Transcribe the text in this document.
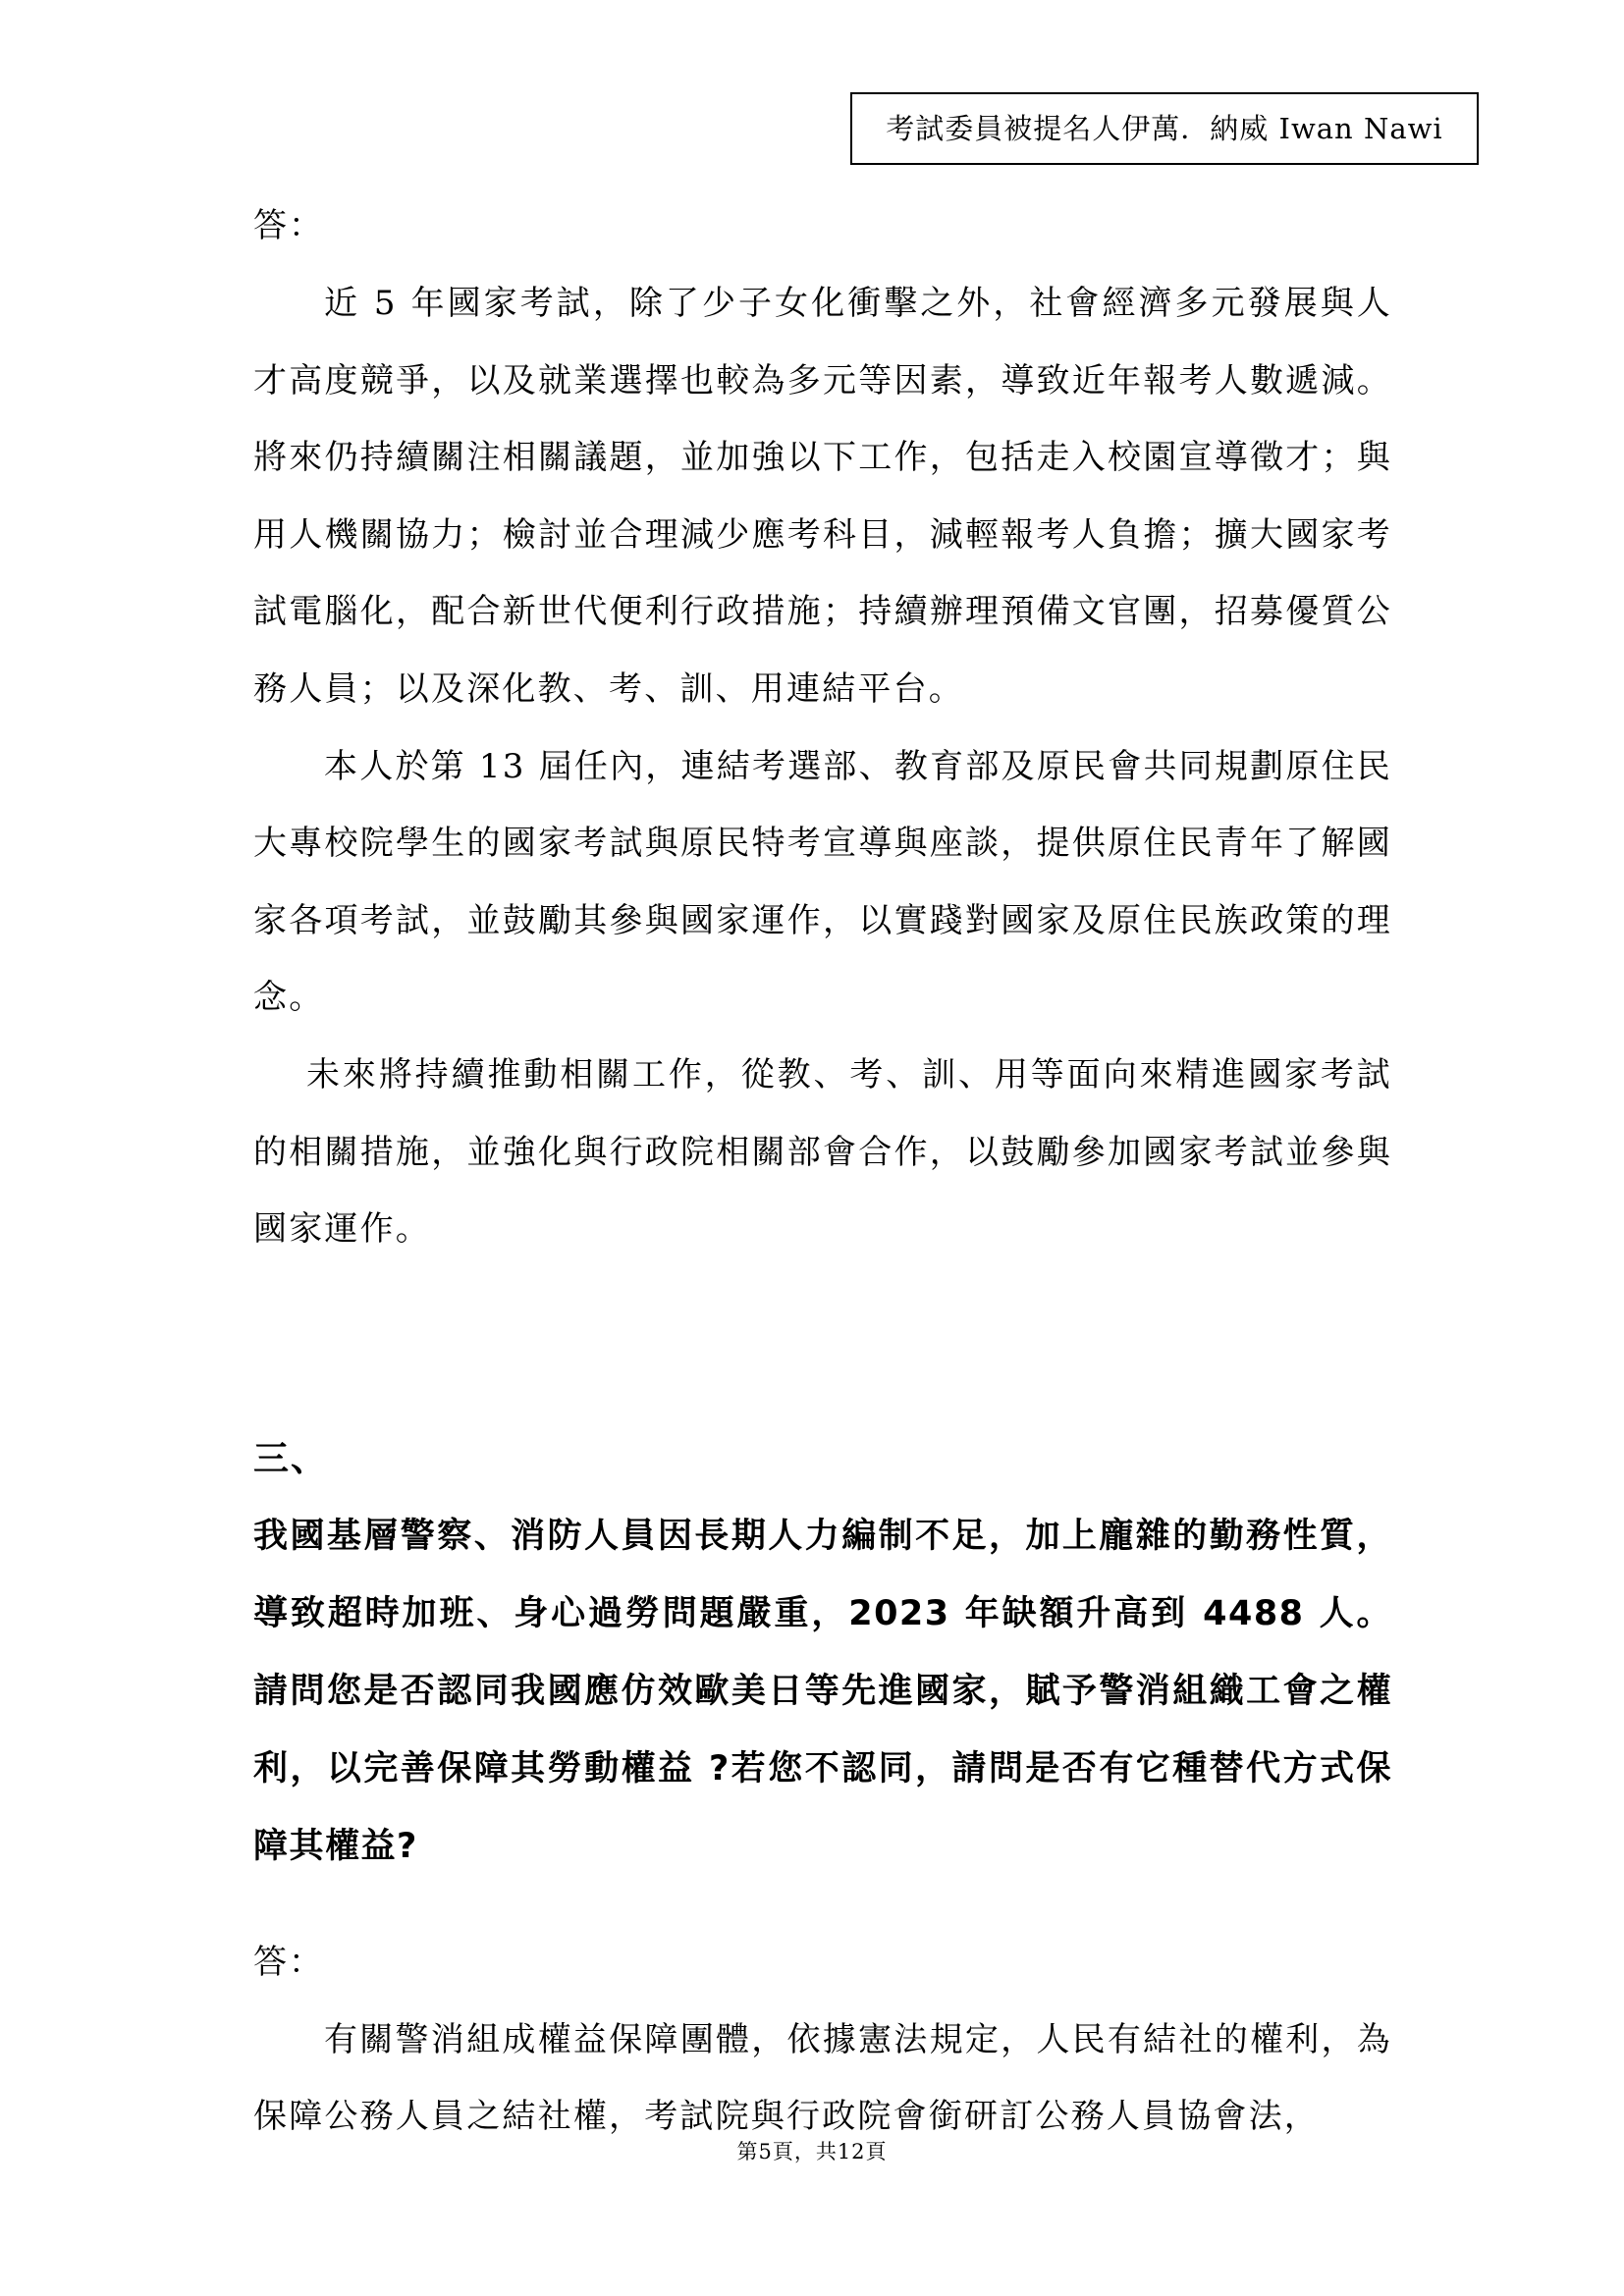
考試委員被提名人伊萬．納威 Iwan Nawi

答：

近 5 年國家考試，除了少子女化衝擊之外，社會經濟多元發展與人才高度競爭，以及就業選擇也較為多元等因素，導致近年報考人數遞減。將來仍持續關注相關議題，並加強以下工作，包括走入校園宣導徵才；與用人機關協力；檢討並合理減少應考科目，減輕報考人負擔；擴大國家考試電腦化，配合新世代便利行政措施；持續辦理預備文官團，招募優質公務人員；以及深化教、考、訓、用連結平台。

本人於第 13 屆任內，連結考選部、教育部及原民會共同規劃原住民大專校院學生的國家考試與原民特考宣導與座談，提供原住民青年了解國家各項考試，並鼓勵其參與國家運作，以實踐對國家及原住民族政策的理念。

未來將持續推動相關工作，從教、考、訓、用等面向來精進國家考試的相關措施，並強化與行政院相關部會合作，以鼓勵參加國家考試並參與國家運作。

三、

我國基層警察、消防人員因長期人力編制不足，加上龐雜的勤務性質，導致超時加班、身心過勞問題嚴重，2023 年缺額升高到 4488 人。請問您是否認同我國應仿效歐美日等先進國家，賦予警消組織工會之權利，以完善保障其勞動權益 ?若您不認同，請問是否有它種替代方式保障其權益?

答：

有關警消組成權益保障團體，依據憲法規定，人民有結社的權利，為保障公務人員之結社權，考試院與行政院會銜研訂公務人員協會法，

第5頁，共12頁
